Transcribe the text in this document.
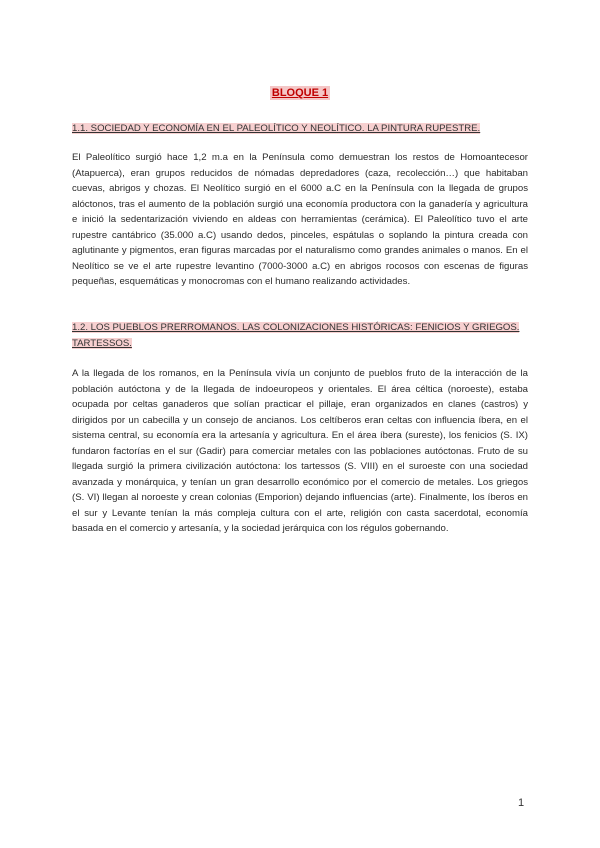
BLOQUE 1
1.1. SOCIEDAD Y ECONOMÍA EN EL PALEOLÍTICO Y NEOLÍTICO. LA PINTURA RUPESTRE.

El Paleolítico surgió hace 1,2 m.a en la Península como demuestran los restos de Homoantecesor (Atapuerca), eran grupos reducidos de nómadas depredadores (caza, recolección…) que habitaban cuevas, abrigos y chozas. El Neolítico surgió en el 6000 a.C en la Península con la llegada de grupos alóctonos, tras el aumento de la población surgió una economía productora con la ganadería y agricultura e inició la sedentarización viviendo en aldeas con herramientas (cerámica). El Paleolítico tuvo el arte rupestre cantábrico (35.000 a.C) usando dedos, pinceles, espátulas o soplando la pintura creada con aglutinante y pigmentos, eran figuras marcadas por el naturalismo como grandes animales o manos. En el Neolítico se ve el arte rupestre levantino (7000-3000 a.C) en abrigos rocosos con escenas de figuras pequeñas, esquemáticas y monocromas con el humano realizando actividades.

1.2. LOS PUEBLOS PRERROMANOS. LAS COLONIZACIONES HISTÓRICAS: FENICIOS Y GRIEGOS. TARTESSOS.

A la llegada de los romanos, en la Península vivía un conjunto de pueblos fruto de la interacción de la población autóctona y de la llegada de indoeuropeos y orientales. El área céltica (noroeste), estaba ocupada por celtas ganaderos que solían practicar el pillaje, eran organizados en clanes (castros) y dirigidos por un cabecilla y un consejo de ancianos. Los celtíberos eran celtas con influencia íbera, en el sistema central, su economía era la artesanía y agricultura. En el área íbera (sureste), los fenicios (S. IX) fundaron factorías en el sur (Gadir) para comerciar metales con las poblaciones autóctonas. Fruto de su llegada surgió la primera civilización autóctona: los tartessos (S. VIII) en el suroeste con una sociedad avanzada y monárquica, y tenían un gran desarrollo económico por el comercio de metales. Los griegos (S. VI) llegan al noroeste y crean colonias (Emporion) dejando influencias (arte). Finalmente, los íberos en el sur y Levante tenían la más compleja cultura con el arte, religión con casta sacerdotal, economía basada en el comercio y artesanía, y la sociedad jerárquica con los régulos gobernando.

1
